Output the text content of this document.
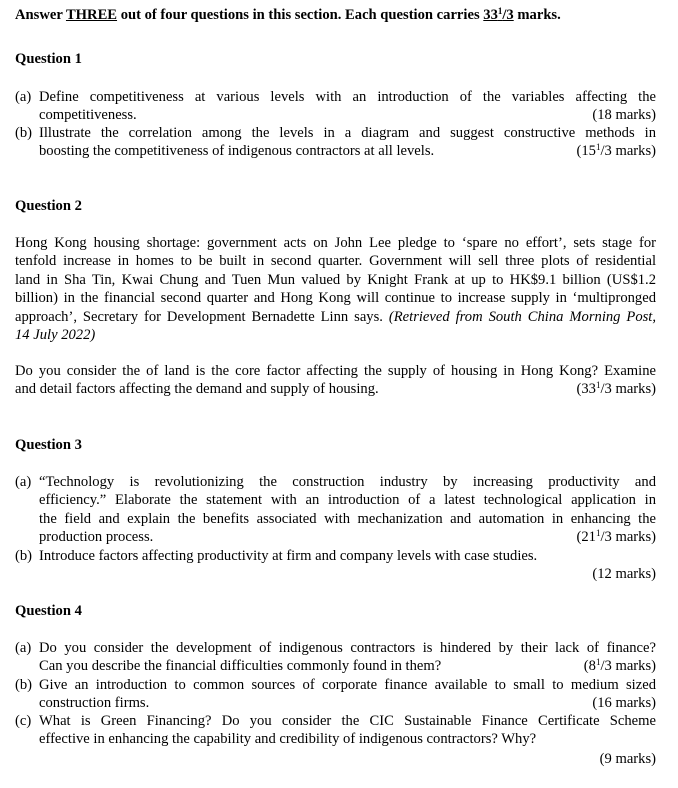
Answer THREE out of four questions in this section. Each question carries $33^1/3$ marks.
Question 1
(a) Define competitiveness at various levels with an introduction of the variables affecting the
competitiveness.	(18 marks)
(b) Illustrate the correlation among the levels in a diagram and suggest constructive methods in
boosting the competitiveness of indigenous contractors at all levels.	($15^1/3$ marks)
Question 2
Hong Kong housing shortage: government acts on John Lee pledge to ‘spare no effort’, sets stage for
tenfold increase in homes to be built in second quarter. Government will sell three plots of residential
land in Sha Tin, Kwai Chung and Tuen Mun valued by Knight Frank at up to HK$9.1 billion (US$1.2
billion) in the financial second quarter and Hong Kong will continue to increase supply in ‘multipronged
approach’, Secretary for Development Bernadette Linn says. (Retrieved from South China Morning Post,
14 July 2022)
Do you consider the of land is the core factor affecting the supply of housing in Hong Kong? Examine
and detail factors affecting the demand and supply of housing.	($33^1/3$ marks)
Question 3
(a) “Technology is revolutionizing the construction industry by increasing productivity and
efficiency.” Elaborate the statement with an introduction of a latest technological application in
the field and explain the benefits associated with mechanization and automation in enhancing the
production process.	($21^1/3$ marks)
(b) Introduce factors affecting productivity at firm and company levels with case studies.
(12 marks)
Question 4
(a) Do you consider the development of indigenous contractors is hindered by their lack of finance?
Can you describe the financial difficulties commonly found in them?	($8^1/3$ marks)
(b) Give an introduction to common sources of corporate finance available to small to medium sized
construction firms.	(16 marks)
(c) What is Green Financing? Do you consider the CIC Sustainable Finance Certificate Scheme
effective in enhancing the capability and credibility of indigenous contractors? Why?
(9 marks)
